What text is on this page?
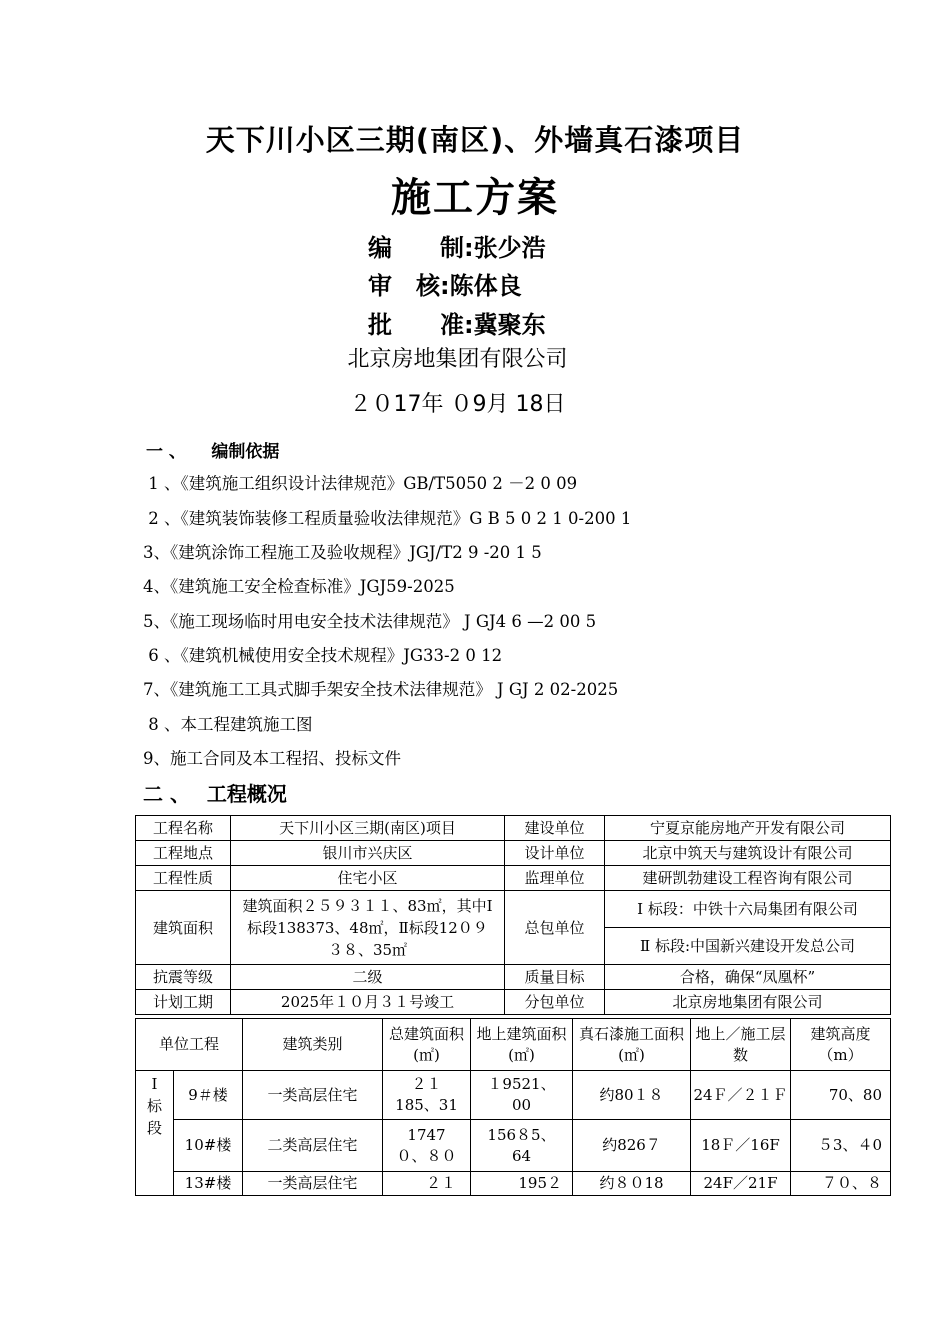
天下川小区三期(南区)、外墙真石漆项目
施工方案
编　　制:张少浩
审　核:陈体良
批　　准:冀聚东
北京房地集团有限公司
２０17年 ０9月 18日
一 、　　编制依据
1 、《建筑施工组织设计法律规范》GB/T5050 2 －2 0 09
2 、《建筑装饰装修工程质量验收法律规范》G B 5 0 2 1 0-200 1
3、《建筑涂饰工程施工及验收规程》JGJ/T2 9 -20 1 5
4、《建筑施工安全检查标准》JGJ59-2025
5、《施工现场临时用电安全技术法律规范》 J GJ4 6 —2 00 5
6 、《建筑机械使用安全技术规程》JG33-2 0 12
7、《建筑施工工具式脚手架安全技术法律规范》 J GJ 2 02-2025
8 、本工程建筑施工图
9、施工合同及本工程招、投标文件
二 、　 工程概况
工程名称	天下川小区三期(南区)项目	建设单位	宁夏京能房地产开发有限公司
工程地点	银川市兴庆区	设计单位	北京中筑天与建筑设计有限公司
工程性质	住宅小区	监理单位	建研凯勃建设工程咨询有限公司
建筑面积	建筑面积２５９３１１、83㎡，其中Ⅰ标段138373、48㎡，Ⅱ标段12０９３８、35㎡	总包单位	Ⅰ 标段：中铁十六局集团有限公司
			Ⅱ 标段:中国新兴建设开发总公司
抗震等级	二级	质量目标	合格，确保“凤凰杯”
计划工期	2025年１０月３１号竣工	分包单位	北京房地集团有限公司
单位工程		建筑类别	总建筑面积(㎡)	地上建筑面积(㎡)	真石漆施工面积(㎡)	地上／施工层数	建筑高度（m）
Ⅰ标段	9＃楼	一类高层住宅	２１185、31	１9521、00	约80１８	24Ｆ／２１Ｆ	70、80
	10#楼	二类高层住宅	1747０、８０	156８5、64	约826７	18Ｆ／16F	５3、４0
	13#楼	一类高层住宅	２１	195２	约８０18	24F／21F	７０、８
